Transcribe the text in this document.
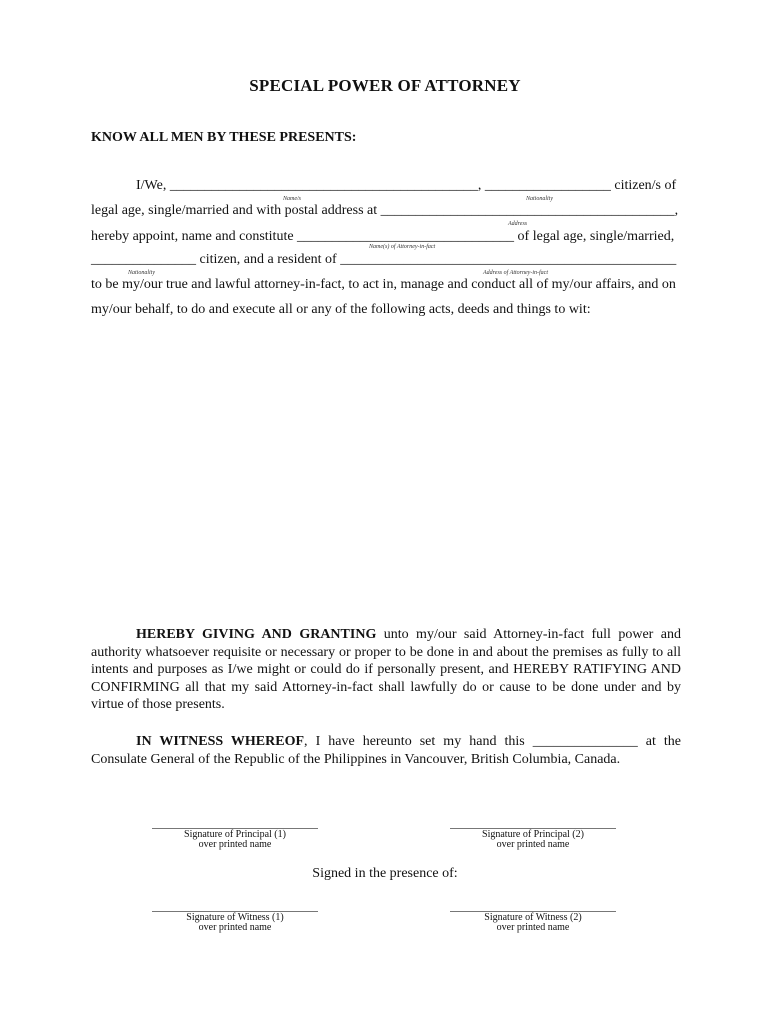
SPECIAL POWER OF ATTORNEY
KNOW ALL MEN BY THESE PRESENTS:
I/We, ____________________________________________, __________________ citizen/s of
Name/s	Nationality
legal age, single/married and with postal address at __________________________________________,
Address
hereby appoint, name and constitute _______________________________ of legal age, single/married,
Name(s) of Attorney-in-fact
_______________ citizen, and a resident of ________________________________________________
Nationality	Address of Attorney-in-fact
to be my/our true and lawful attorney-in-fact, to act in, manage and conduct all of my/our affairs, and on
my/our behalf, to do and execute all or any of the following acts, deeds and things to wit:
HEREBY GIVING AND GRANTING unto my/our said Attorney-in-fact full power and authority whatsoever requisite or necessary or proper to be done in and about the premises as fully to all intents and purposes as I/we might or could do if personally present, and HEREBY RATIFYING AND CONFIRMING all that my said Attorney-in-fact shall lawfully do or cause to be done under and by virtue of those presents.
IN WITNESS WHEREOF, I have hereunto set my hand this _______________ at the Consulate General of the Republic of the Philippines in Vancouver, British Columbia, Canada.
Signature of Principal (1)
over printed name
Signature of Principal (2)
over printed name
Signed in the presence of:
Signature of Witness (1)
over printed name
Signature of Witness (2)
over printed name
